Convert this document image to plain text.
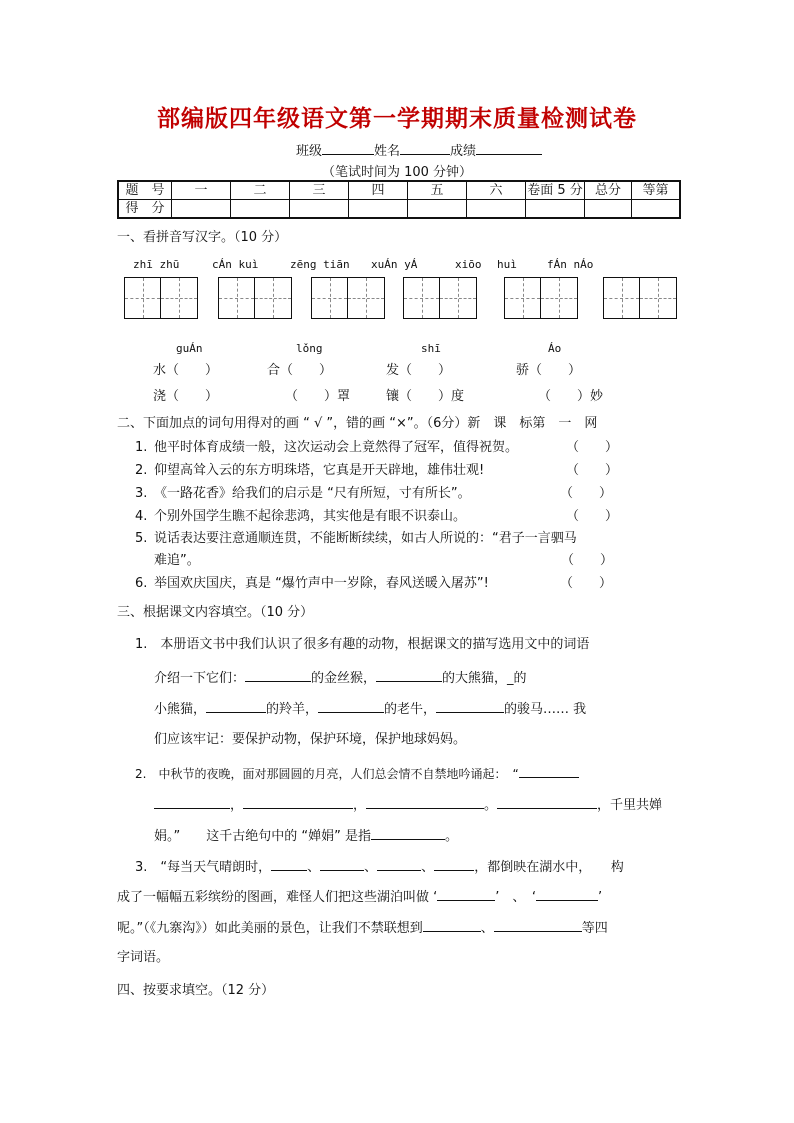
部编版四年级语文第一学期期末质量检测试卷
班级	姓名	成绩
（笔试时间为 100 分钟）
题　号	一	二	三	四	五	六	卷面 5 分	总分	等第
得　分									
一、看拼音写汉字。（10 分）
zhī zhū	cÁn kuì	zēng tiān xuÁn yÁ	xiōo huì	fÁn nÁo
guÁn	lǒng	shī	Áo
水（　　）	合（　　）	发（　　）	骄（　　）
浇（　　）	（　　）罩	镶（　　）度	（　　）妙
二、下面加点的词句用得对的画 “ √ ”，错的画 “×”。（6分）新　课　标第　一　网
1. 他平时体育成绩一般，这次运动会上竟然得了冠军，值得祝贺。	（　　）
2. 仰望高耸入云的东方明珠塔，它真是开天辟地，雄伟壮观!	（　　）
3. 《一路花香》给我们的启示是 “尺有所短，寸有所长”。	（　　）
4. 个别外国学生瞧不起徐悲鸿，其实他是有眼不识泰山。	（　　）
5. 说话表达要注意通顺连贯，不能断断续续，如古人所说的：“君子一言驷马
难追”。	（　　）
6. 举国欢庆国庆，真是 “爆竹声中一岁除，春风送暖入屠苏”!	（　　）
三、根据课文内容填空。（10 分）
1.　本册语文书中我们认识了很多有趣的动物，根据课文的描写选用文中的词语
介绍一下它们：	的金丝猴，	的大熊猫，_的
小熊猫，	的羚羊，	的老牛，	的骏马…… 我
们应该牢记：要保护动物，保护环境，保护地球妈妈。
2.　中秋节的夜晚，面对那圆圆的月亮，人们总会情不自禁地吟诵起：　“
，	，	。	，千里共婵
娟。”　　这千古绝句中的 “婵娟” 是指	。
3.　“每当天气晴朗时，	、	、	、	，都倒映在湖水中，　　构
成了一幅幅五彩缤纷的图画，难怪人们把这些湖泊叫做 ‘	’　、　‘	’
呢。”（《九寨沟》）如此美丽的景色，让我们不禁联想到	、	等四
字词语。
四、按要求填空。（12 分）
